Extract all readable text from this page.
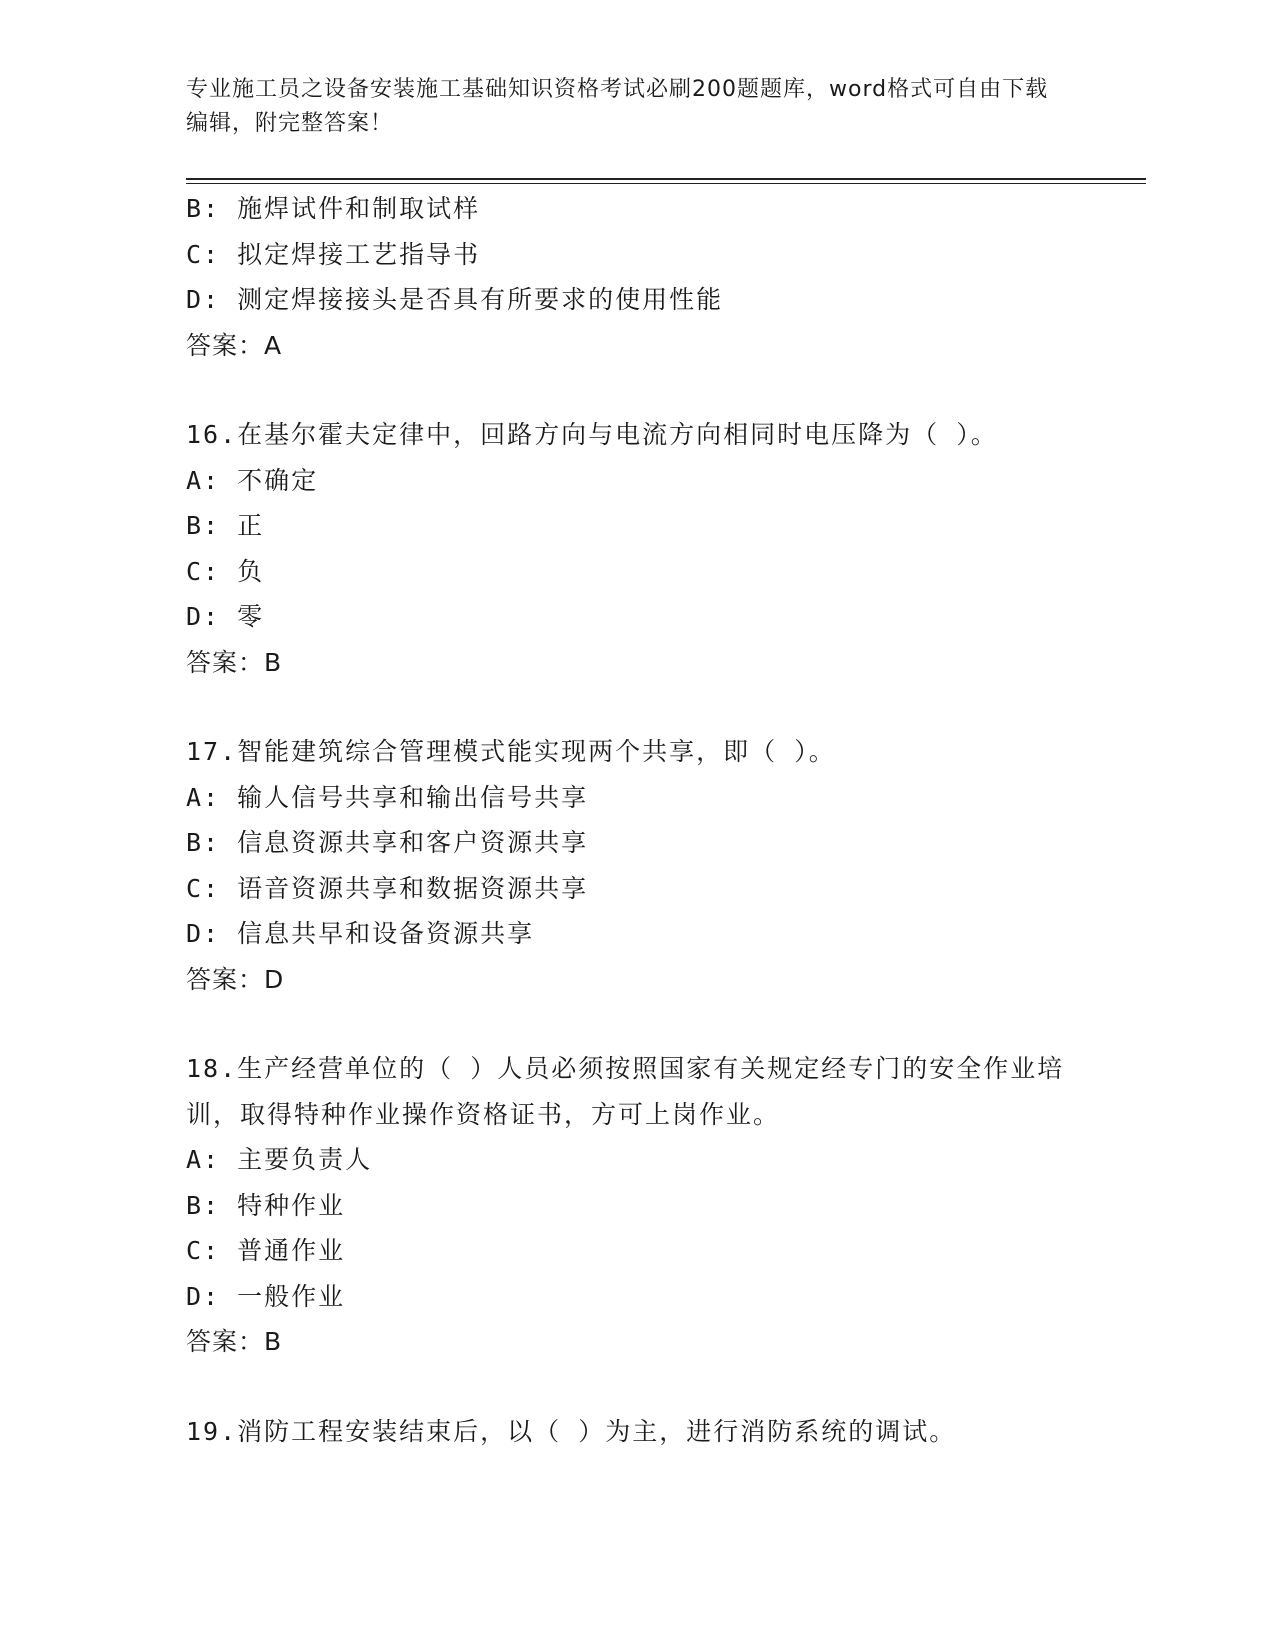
专业施工员之设备安装施工基础知识资格考试必刷200题题库，word格式可自由下载编辑，附完整答案！
B: 施焊试件和制取试样
C: 拟定焊接工艺指导书
D: 测定焊接接头是否具有所要求的使用性能
答案：A
16.在基尔霍夫定律中，回路方向与电流方向相同时电压降为（ ）。
A: 不确定
B: 正
C: 负
D: 零
答案：B
17.智能建筑综合管理模式能实现两个共享，即（ ）。
A: 输人信号共享和输出信号共享
B: 信息资源共享和客户资源共享
C: 语音资源共享和数据资源共享
D: 信息共早和设备资源共享
答案：D
18.生产经营单位的（ ）人员必须按照国家有关规定经专门的安全作业培训，取得特种作业操作资格证书，方可上岗作业。
A: 主要负责人
B: 特种作业
C: 普通作业
D: 一般作业
答案：B
19.消防工程安装结束后，以（ ）为主，进行消防系统的调试。
